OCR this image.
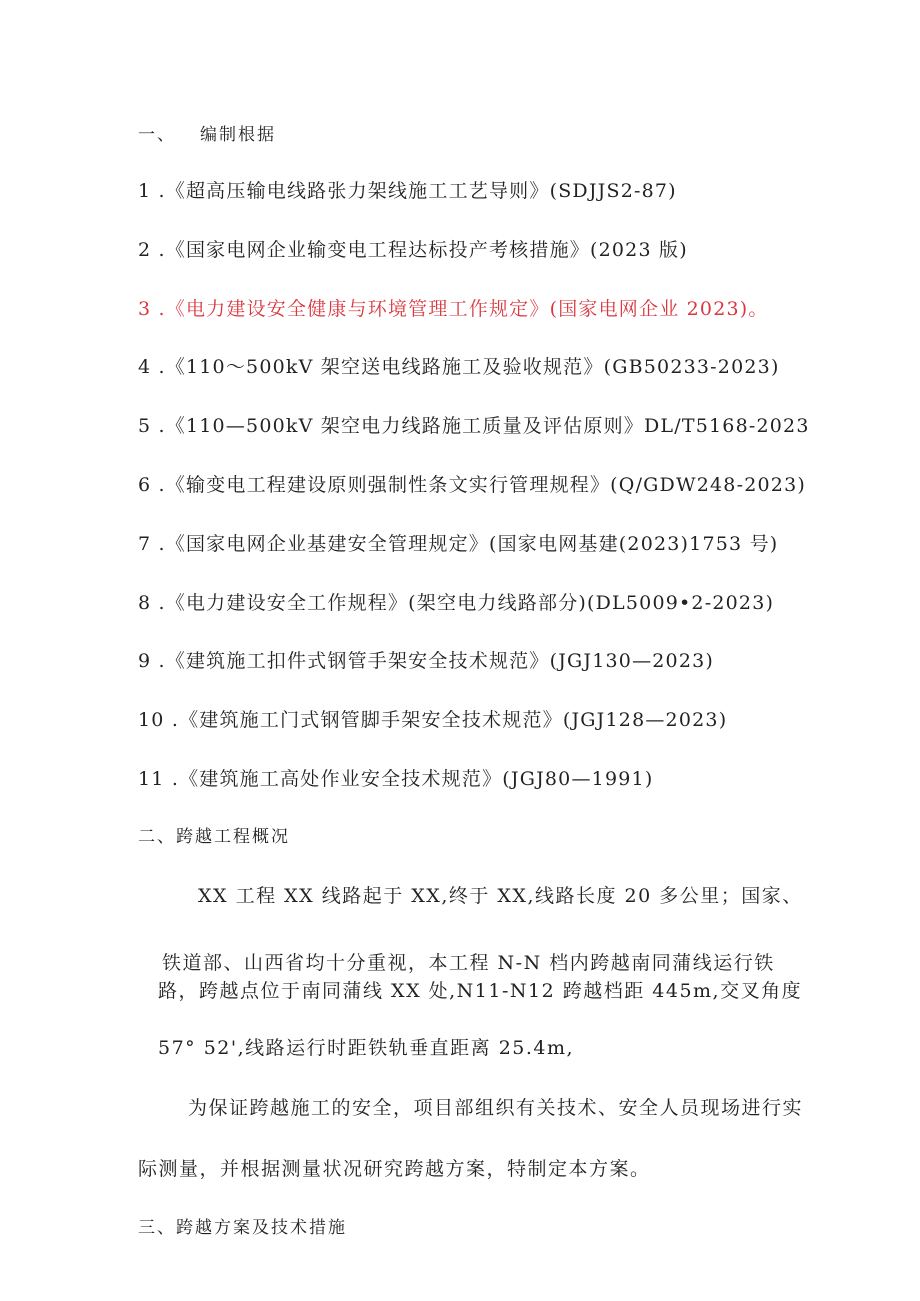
一、 编制根据
1 .《超高压输电线路张力架线施工工艺导则》(SDJJS2-87)
2 .《国家电网企业输变电工程达标投产考核措施》(2023 版)
3 .《电力建设安全健康与环境管理工作规定》(国家电网企业 2023)。
4 .《110～500kV 架空送电线路施工及验收规范》(GB50233-2023)
5 .《110—500kV 架空电力线路施工质量及评估原则》DL/T5168-2023
6 .《输变电工程建设原则强制性条文实行管理规程》(Q/GDW248-2023)
7 .《国家电网企业基建安全管理规定》(国家电网基建(2023)1753 号)
8 .《电力建设安全工作规程》(架空电力线路部分)(DL5009•2-2023)
9 .《建筑施工扣件式钢管手架安全技术规范》(JGJ130—2023)
10 .《建筑施工门式钢管脚手架安全技术规范》(JGJ128—2023)
11 .《建筑施工高处作业安全技术规范》(JGJ80—1991)
二、跨越工程概况
XX 工程 XX 线路起于 XX,终于 XX,线路长度 20 多公里；国家、
铁道部、山西省均十分重视，本工程 N-N 档内跨越南同蒲线运行铁
路，跨越点位于南同蒲线 XX 处,N11-N12 跨越档距 445m,交叉角度
57° 52',线路运行时距铁轨垂直距离 25.4m,
为保证跨越施工的安全，项目部组织有关技术、安全人员现场进行实
际测量，并根据测量状况研究跨越方案，特制定本方案。
三、跨越方案及技术措施
